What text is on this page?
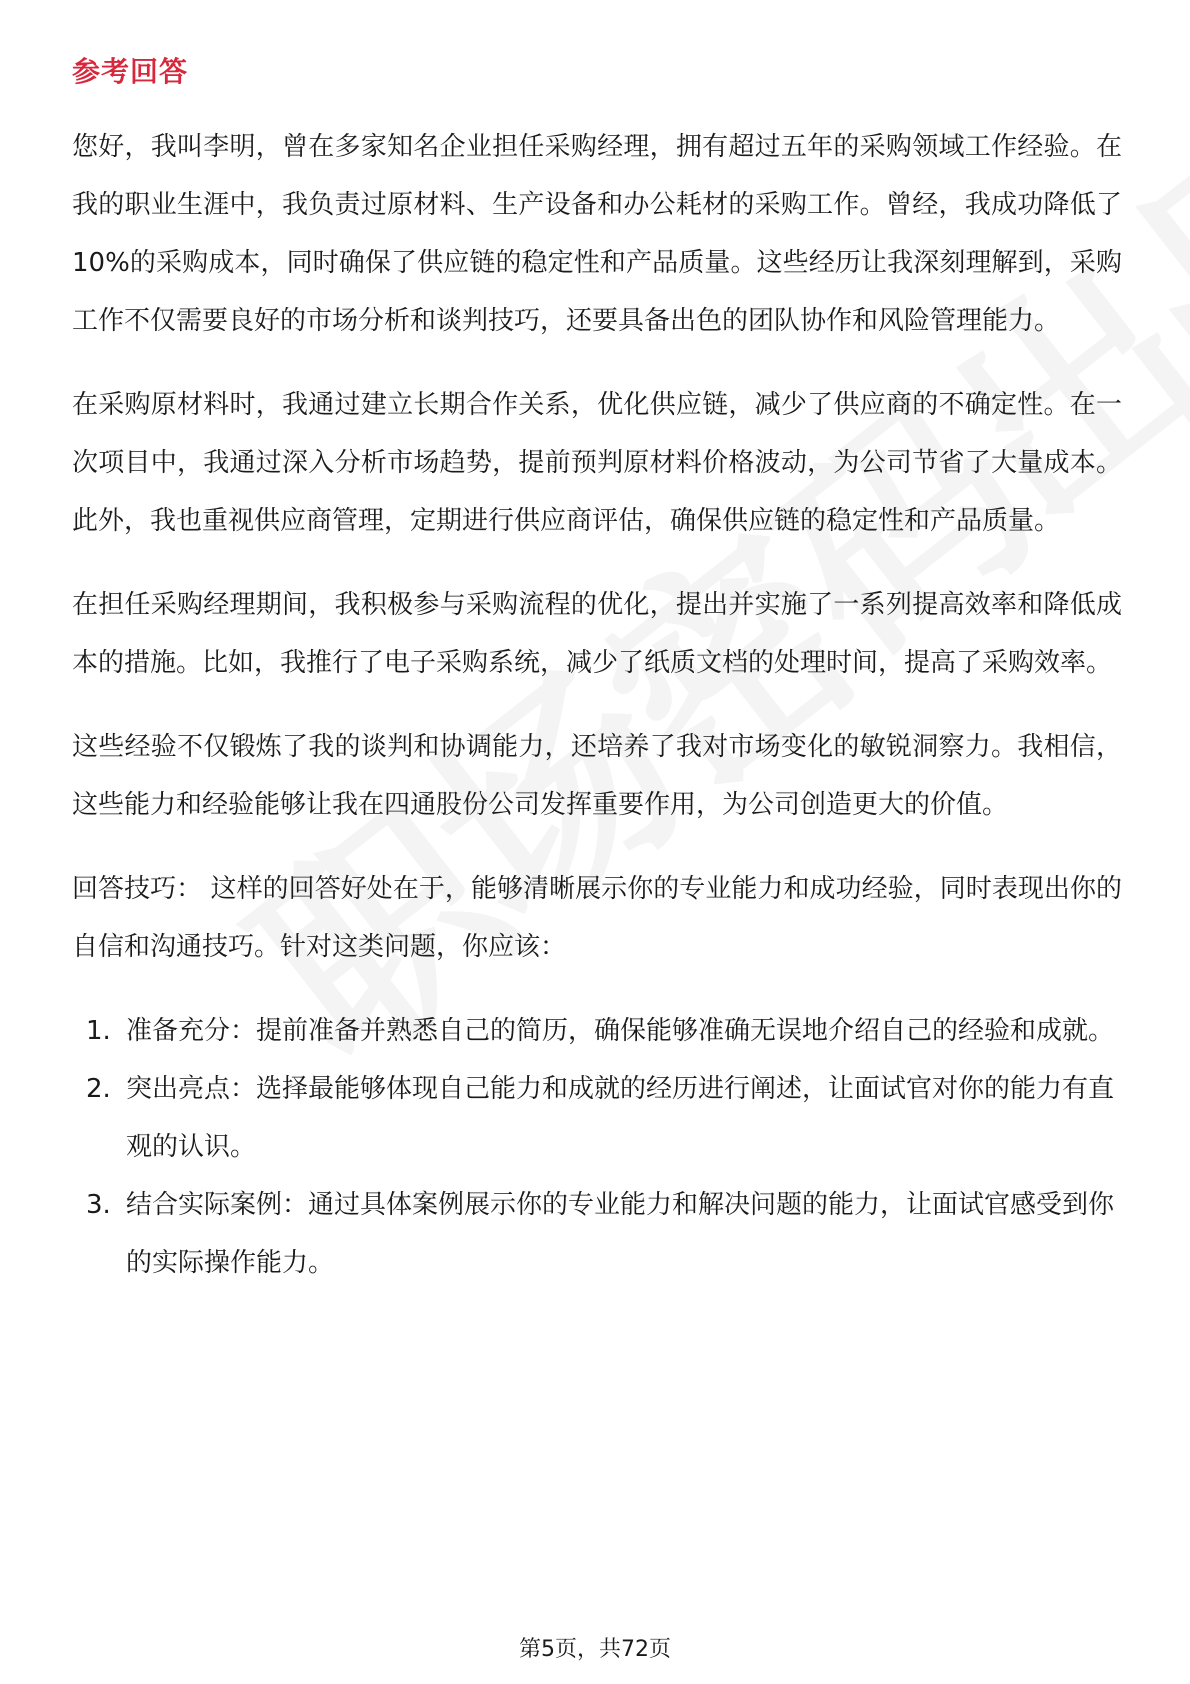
参考回答

您好，我叫李明，曾在多家知名企业担任采购经理，拥有超过五年的采购领域工作经验。在我的职业生涯中，我负责过原材料、生产设备和办公耗材的采购工作。曾经，我成功降低了10%的采购成本，同时确保了供应链的稳定性和产品质量。这些经历让我深刻理解到，采购工作不仅需要良好的市场分析和谈判技巧，还要具备出色的团队协作和风险管理能力。

在采购原材料时，我通过建立长期合作关系，优化供应链，减少了供应商的不确定性。在一次项目中，我通过深入分析市场趋势，提前预判原材料价格波动，为公司节省了大量成本。此外，我也重视供应商管理，定期进行供应商评估，确保供应链的稳定性和产品质量。

在担任采购经理期间，我积极参与采购流程的优化，提出并实施了一系列提高效率和降低成本的措施。比如，我推行了电子采购系统，减少了纸质文档的处理时间，提高了采购效率。

这些经验不仅锻炼了我的谈判和协调能力，还培养了我对市场变化的敏锐洞察力。我相信，这些能力和经验能够让我在四通股份公司发挥重要作用，为公司创造更大的价值。

回答技巧： 这样的回答好处在于，能够清晰展示你的专业能力和成功经验，同时表现出你的自信和沟通技巧。针对这类问题，你应该：

1. 准备充分：提前准备并熟悉自己的简历，确保能够准确无误地介绍自己的经验和成就。
2. 突出亮点：选择最能够体现自己能力和成就的经历进行阐述，让面试官对你的能力有直观的认识。
3. 结合实际案例：通过具体案例展示你的专业能力和解决问题的能力，让面试官感受到你的实际操作能力。
第5页，共72页
